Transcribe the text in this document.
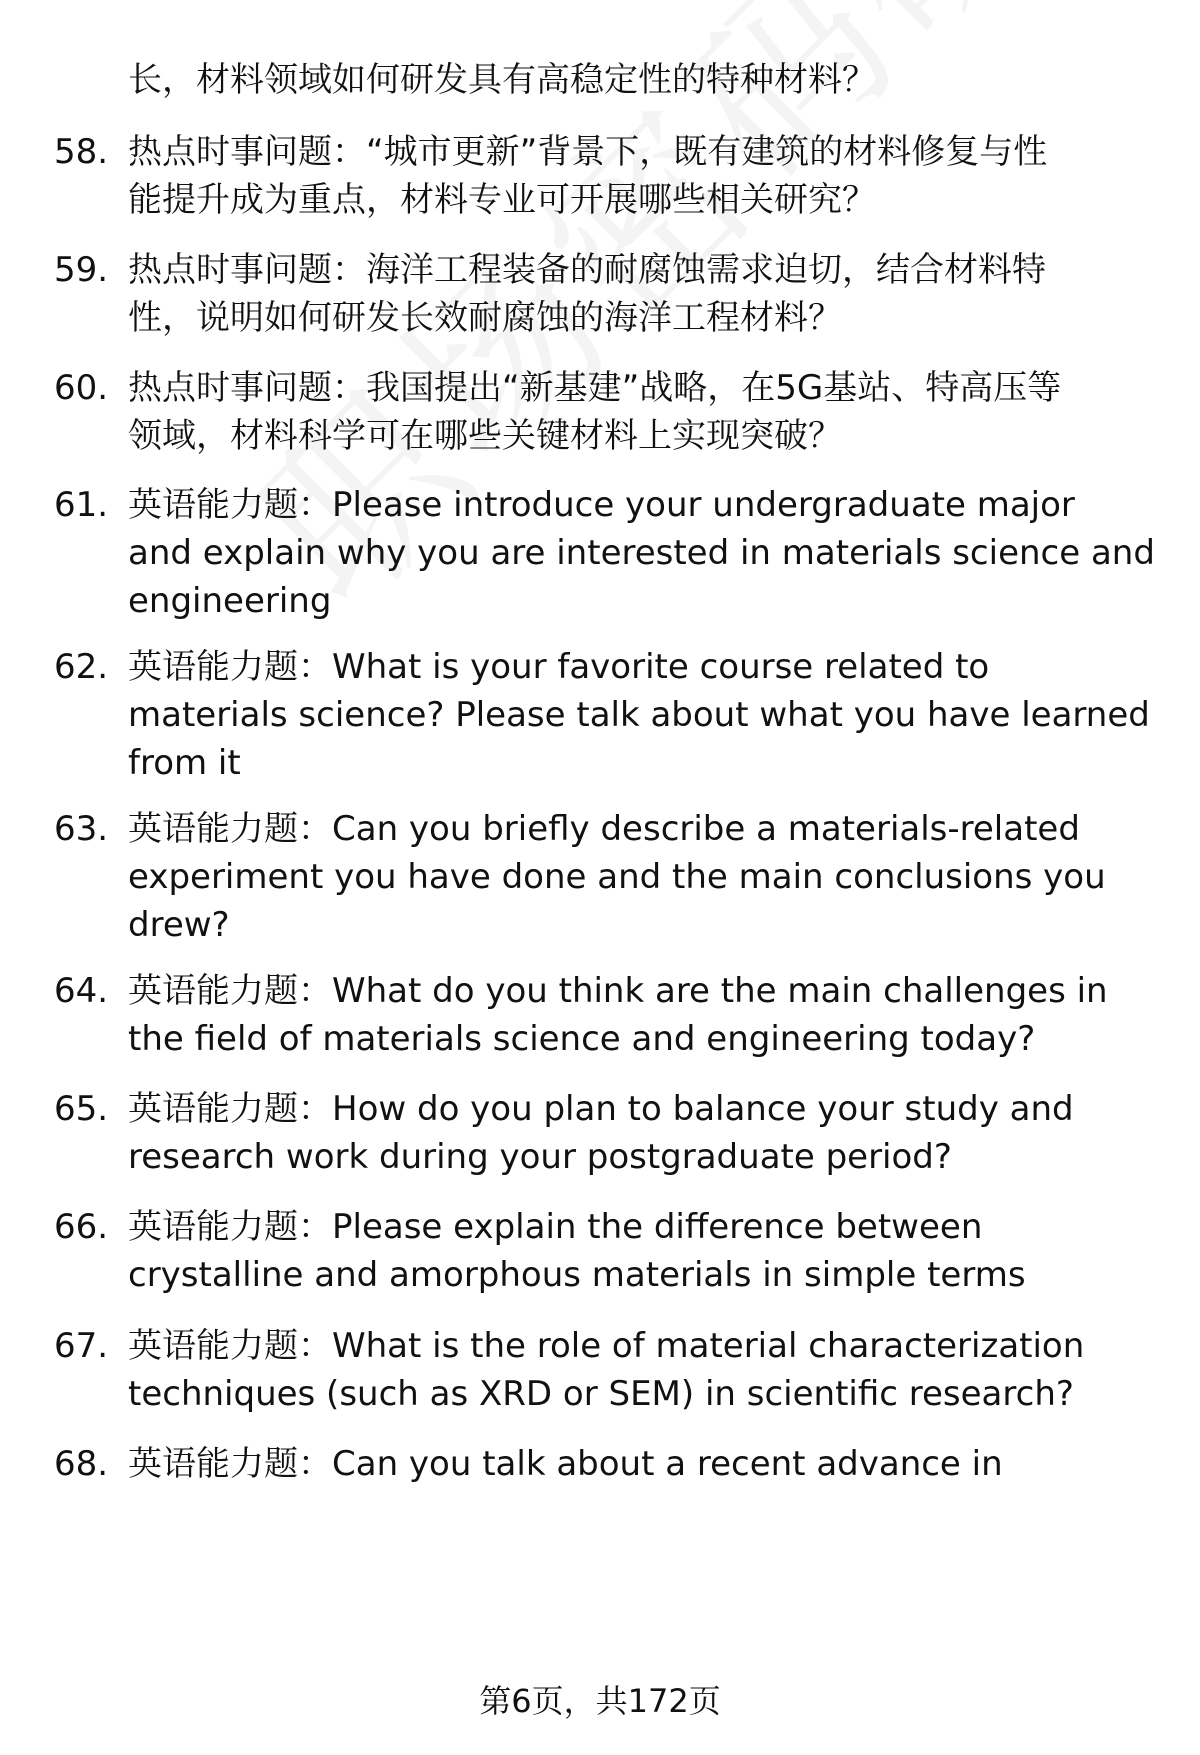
长，材料领域如何研发具有高稳定性的特种材料？
58. 热点时事问题：“城市更新”背景下，既有建筑的材料修复与性
能提升成为重点，材料专业可开展哪些相关研究？
59. 热点时事问题：海洋工程装备的耐腐蚀需求迫切，结合材料特
性，说明如何研发长效耐腐蚀的海洋工程材料？
60. 热点时事问题：我国提出“新基建”战略，在5G基站、特高压等
领域，材料科学可在哪些关键材料上实现突破？
61. 英语能力题：Please introduce your undergraduate major
and explain why you are interested in materials science and
engineering
62. 英语能力题：What is your favorite course related to
materials science? Please talk about what you have learned
from it
63. 英语能力题：Can you briefly describe a materials-related
experiment you have done and the main conclusions you
drew?
64. 英语能力题：What do you think are the main challenges in
the field of materials science and engineering today?
65. 英语能力题：How do you plan to balance your study and
research work during your postgraduate period?
66. 英语能力题：Please explain the difference between
crystalline and amorphous materials in simple terms
67. 英语能力题：What is the role of material characterization
techniques (such as XRD or SEM) in scientific research?
68. 英语能力题：Can you talk about a recent advance in
第6页，共172页
